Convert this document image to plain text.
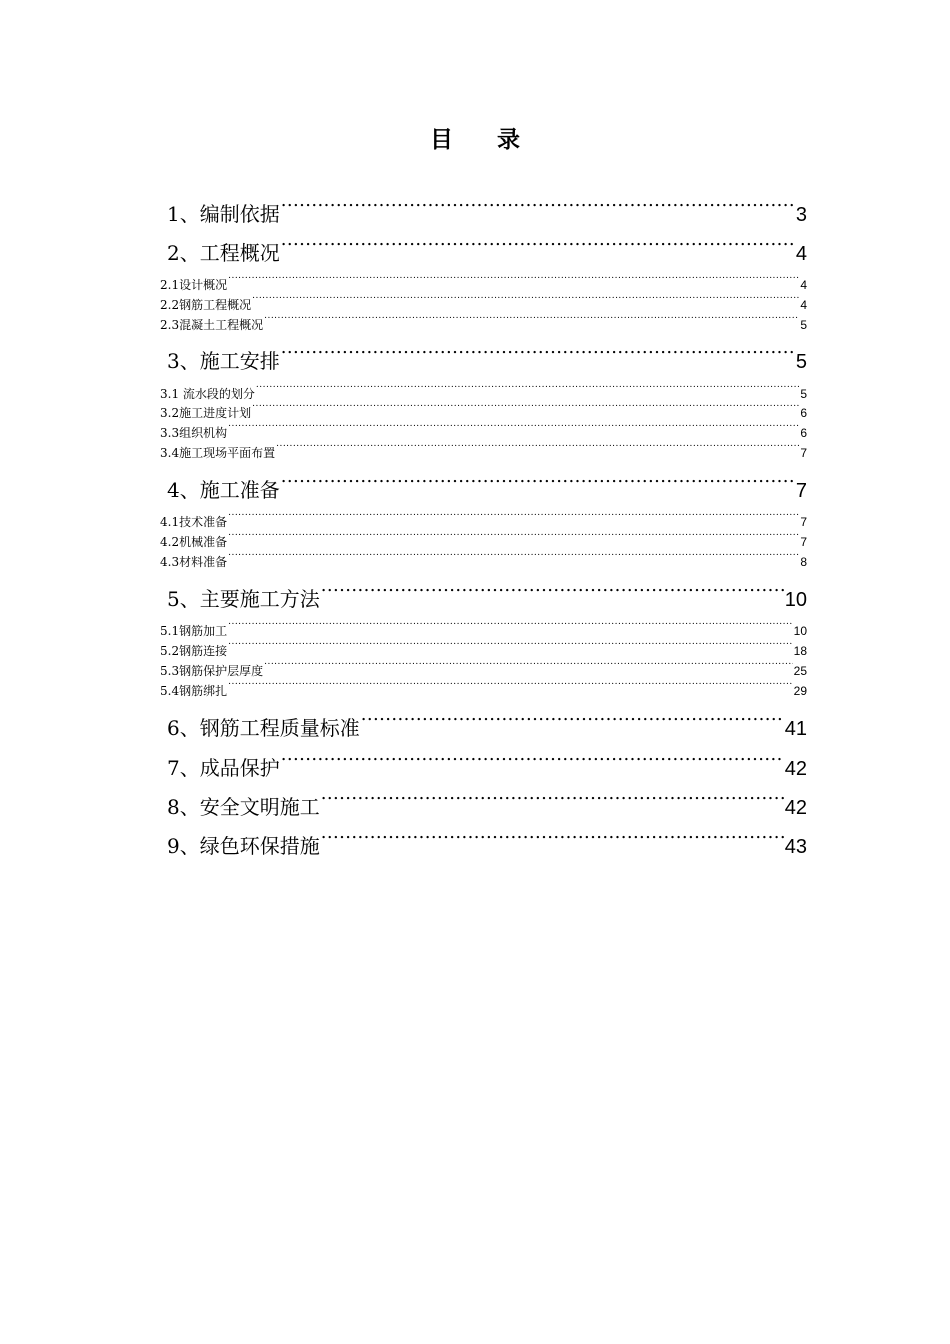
目 录
1、编制依据 .....	3
2、工程概况 .....	4
2.1设计概况 .....	4
2.2钢筋工程概况 .....	4
2.3混凝土工程概况 .....	5
3、施工安排 .....	5
3.1 流水段的划分 .....	5
3.2施工进度计划 .....	6
3.3组织机构 .....	6
3.4施工现场平面布置 .....	7
4、施工准备 .....	7
4.1技术准备 .....	7
4.2机械准备 .....	7
4.3材料准备 .....	8
5、主要施工方法 .....	10
5.1钢筋加工 .....	10
5.2钢筋连接 .....	18
5.3钢筋保护层厚度 .....	25
5.4钢筋绑扎 .....	29
6、钢筋工程质量标准 .....	41
7、成品保护 .....	42
8、安全文明施工 .....	42
9、绿色环保措施 .....	43
